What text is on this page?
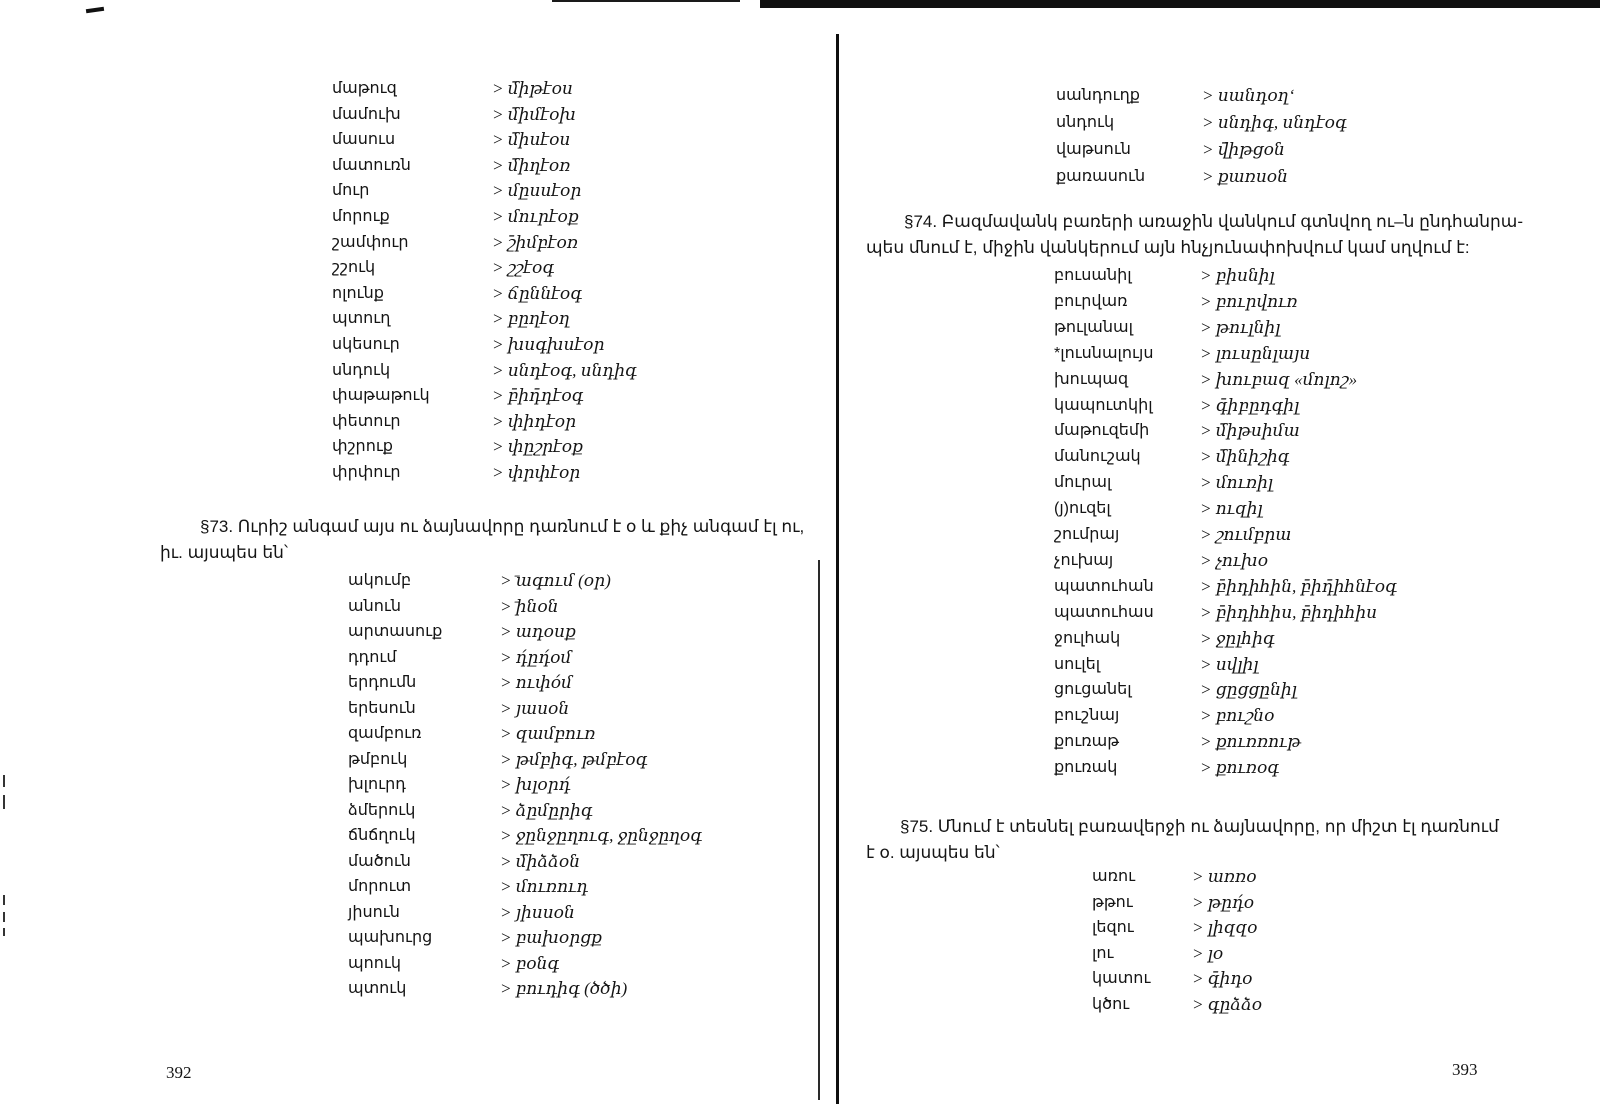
մաթուզ	> մ̄իթէօս
մամուխ	> մ̄իմէօխ
մասուս	> մ̄իսէօս
մատուռն	> մ̄իղէօռ
մուր	> մըսսէօր
մորուք	> մուրէօք
շամփուր	> շ̄իմբէօռ
շշուկ	> շշէօգ
ոլունք	> ճըննէօգ
պտուղ	> բըղէօղ
սկեսուր	> խսգխսէօր
սնդուկ	> սնդէօգ, սնդիգ
փաթաթուկ	> բ̄իդ̄դէօգ
փետուր	> փիդէօր
փշրուք	> փըշրէօք
փրփուր	> փրփէօր

§73. Ուրիշ անգամ այս ու ձայնավորը դառնում է օ և քիչ անգամ էլ ու,

իւ. այսպես են՝

ակումբ	> ̄ագում (օր)
անուն	> ̄ինօն
արտասուք	> ադօսք
դդում	> դ́ըդ́օմ
երդումն	> ուփօ́մ
երեսուն	> յասօն
զամբուռ	> զամբուռ
թմբուկ	> թմբիգ, թմբէօգ
խլուրդ	> խլօրդ́
ձմերուկ	> ձըմըրիգ
ճնճղուկ	> ջընջըղուգ, ջընջըղօգ
մածուն	> մ̄իձձօն
մորուտ	> մուռուդ
յիսուն	> յիսսօն
պախուրց	> բախօրցք
պոուկ	> բօնգ
պտուկ	> բուդիգ (ծծի)
392
սանդուղք	> սանդօղ‘
սնդուկ	> սնդիգ, սնդէօգ
վաթսուն	> վ̄իթցօն
քառասուն	> քառսօն

§74. Բազմավանկ բառերի առաջին վանկում գտնվող ու–ն ընդհանրա-

պես մնում է, միջին վանկերում այն հնչյունափոխվում կամ սղվում է:

բուսանիլ	> բիսնիլ
բուրվառ	> բուրվուռ
թուլանալ	> թուլնիլ
*լուսնալույս	> լուսընլայս
խուպազ	> խուբազ «մոլոշ»
կապուտկիլ	> գ̄իբըդգիլ
մաթուզեմի	> մ̄իթսիմա
մանուշակ	> մ̄ինիշիգ
մուրալ	> մուռիլ
(յ)ուզել	> ուզիլ
շումրայ	> շումբրա
չուխայ	> չուխօ
պատուհան	> բ̄իդիհին, բ̄իդ̄իհնէօգ
պատուհաս	> բ̄իդիհիս, բ̄իդիհիս
ջուլհակ	> ջըլհիգ
սուլել	> սվլիլ
ցուցանել	> ցըցցընիլ
բուշնայ	> բուշնօ
քուռաթ	> քուռռութ
քուռակ	> քուռօգ

§75. Մնում է տեսնել բառավերջի ու ձայնավորը, որ միշտ էլ դառնում

է օ. այսպես են՝

առու	> առռօ
թթու	> թըդ́օ
լեզու	> լիզզօ
լու	> լօ
կատու > գ̄իդօ
կծու	> գըձձօ
393
